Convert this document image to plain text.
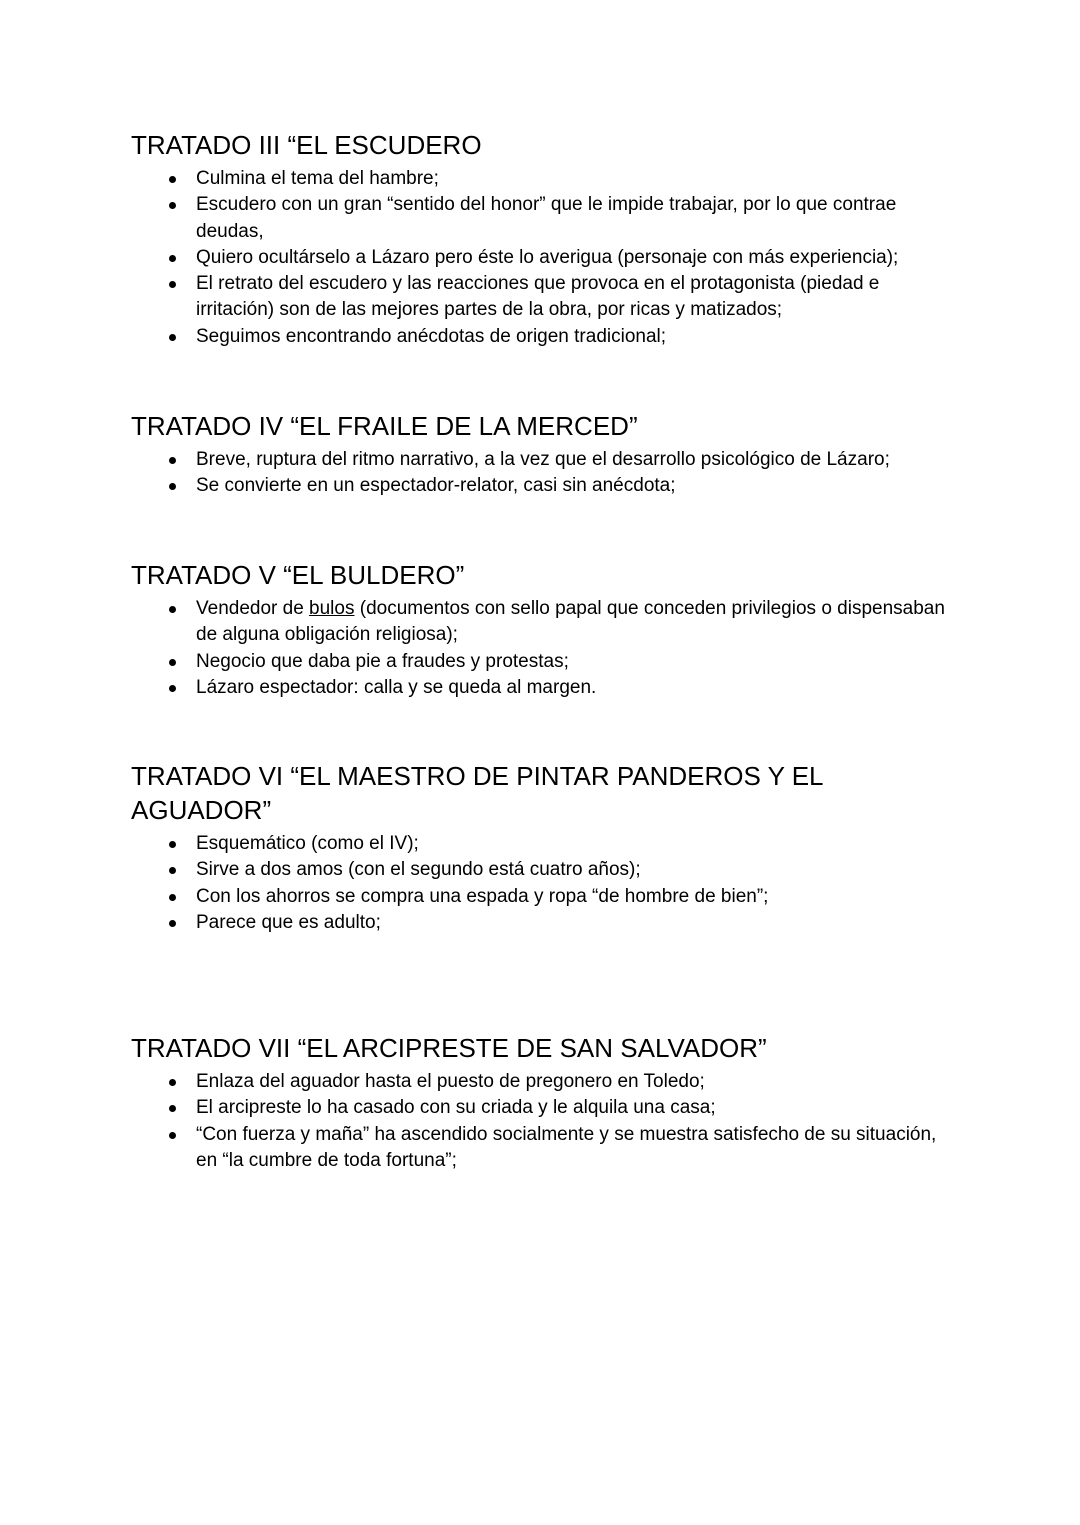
TRATADO III “EL ESCUDERO
Culmina el tema del hambre;
Escudero con un gran “sentido del honor” que le impide trabajar, por lo que contrae deudas,
Quiero ocultárselo a Lázaro pero éste lo averigua (personaje con más experiencia);
El retrato del escudero y las reacciones que provoca en el protagonista (piedad e irritación) son de las mejores partes de la obra, por ricas y matizados;
Seguimos encontrando anécdotas de origen tradicional;
TRATADO IV “EL FRAILE DE LA MERCED”
Breve, ruptura del ritmo narrativo, a la vez que el desarrollo psicológico de Lázaro;
Se convierte en un espectador-relator, casi sin anécdota;
TRATADO V “EL BULDERO”
Vendedor de bulos (documentos con sello papal que conceden privilegios o dispensaban de alguna obligación religiosa);
Negocio que daba pie a fraudes y protestas;
Lázaro espectador: calla y se queda al margen.
TRATADO VI “EL MAESTRO DE PINTAR PANDEROS Y EL AGUADOR”
Esquemático (como el IV);
Sirve a dos amos (con el segundo está cuatro años);
Con los ahorros se compra una espada y ropa “de hombre de bien”;
Parece que es adulto;
TRATADO VII “EL ARCIPRESTE DE SAN SALVADOR”
Enlaza del aguador hasta el puesto de pregonero en Toledo;
El arcipreste lo ha casado con su criada y le alquila una casa;
“Con fuerza y maña” ha ascendido socialmente y se muestra satisfecho de su situación, en “la cumbre de toda fortuna”;
